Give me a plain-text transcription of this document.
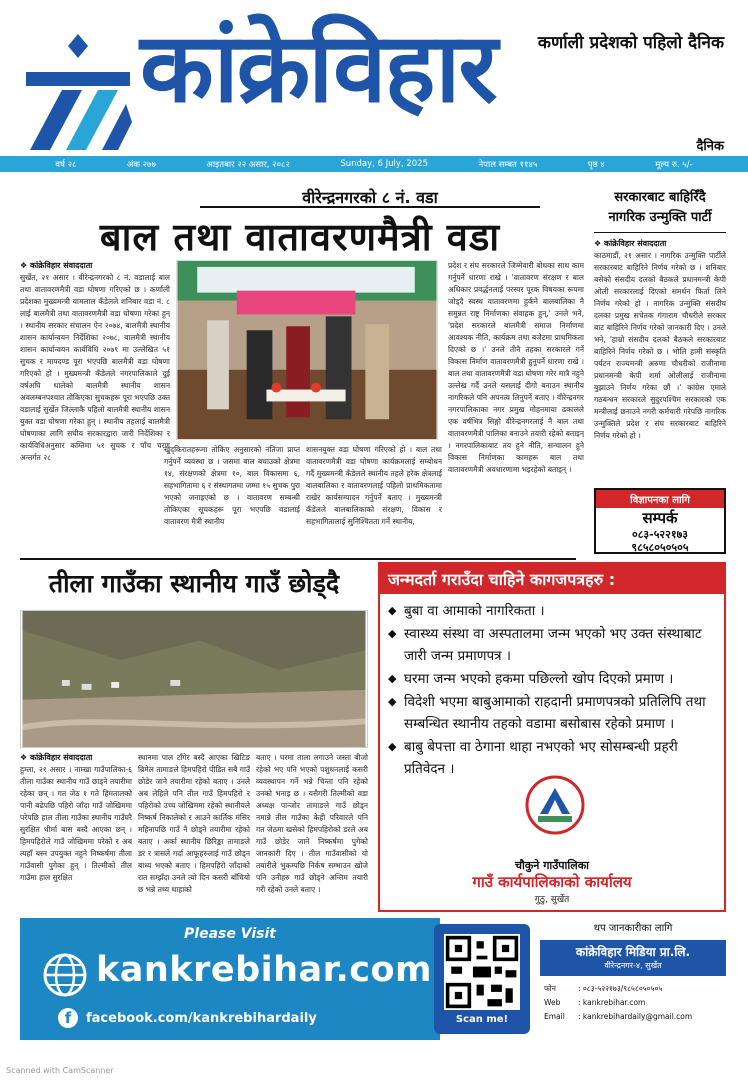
कांक्रेविहार कर्णाली प्रदेशको पहिलो दैनिक
दैनिक
वर्ष २८	अंक २७७	आइतबार २२ असार, २०८२	Sunday, 6 July, 2025	नेपाल सम्बत ११४५	पृष्ठ ४	मूल्य रु. ५/-
वीरेन्द्रनगरको ८ नं. वडा
बाल तथा वातावरणमैत्री वडा
❖ कांक्रेविहार संवाददाता
सुर्खेत, २१ असार । वीरेन्द्रनगरको ८ नं. वडालाई बाल तथा वातावरणमैत्री वडा घोषणा गरिएको छ । कर्णाली प्रदेशका मुख्यमन्त्री यामलाल कँडेलले शनिबार वडा नं. ८ लाई बालमैत्री तथा वातावरणमैत्री वडा घोषणा गरेका हुन् । स्थानीय सरकार संचालन ऐन २०७४, बालमैत्री स्थानीय शासन कार्यान्वयन निर्देशिका २०७८, बालमैत्री स्थानीय शासन कार्यान्वयन कार्यविधि २०७९ मा उल्लेखित ५१ सुचक र मापदण्ड पूरा भएपछि बालमैत्री वडा घोषणा गरिएको हो । मुख्यमन्त्री कँडेलले नगरपालिकाले दुई वर्षअघि थालेको बालमैत्री स्थानीय शासन अवलम्बनपश्चात तोकिएका सुचकहरू पूरा भएपछि उक्त वडालाई सुर्खेत जिल्लाकै पहिलो बालमैत्री स्थानीय शासन युक्त वडा घोषणा गरेका हुन् । स्थानीय तहलाई बालमैत्री घोषणाका लागि सघीय सरकारद्वारा जारी निर्देशिका र कार्यविधिअनुसार कम्तिमा ५१ सुचक र पाँच चरण अन्तर्गत २८
खुद्किरातहरूमा तोकिए अनुसारको नतिजा प्राप्त गर्नुपर्ने व्यवस्था छ । जसमा बाल बचाउको क्षेत्रमा १४, संरक्षणको क्षेत्रमा १०, बाल विकासमा ६, सहभागितामा ६ र संस्थागतमा जम्मा १५ सुचक पुरा भएको जनाइएको छ । वातावरण सम्बन्धी तोकिएका सूचकहरू पूरा भएपछि वडालाई वातावरण मैत्री स्थानीय
शासनयुक्त वडा घोषणा गरिएको हो । बाल तथा वातावरणमैत्री वडा घोषणा कार्यक्रमलाई सम्बोधन गर्दै मुख्यमन्त्री कँडेलले स्थानीय तहले हरेक क्षेत्रलाई बालबालिका र वातावरणलाई पहिलो प्राथमिकतामा राखेर कार्यसम्पादन गर्नुपर्ने बताए । मुख्यमन्त्री कँडेलले बालबालिकाको संरक्षण, विकास र सहभागितालाई सुनिश्चितता गर्ने स्थानीय,
प्रदेश र संघ सरकारले जिम्मेवारी बोधका साथ काम गर्नुपर्ने धारणा राखे । 'वातावरण संरक्षण र बाल अधिकार प्रवर्द्धनलाई परस्पर पूरक विषयका रूपमा जोड्दै स्वस्थ वातावरणमा हुर्कने बालबालिका नै समुन्नत राष्ट्र निर्माणका संवाहक हुन्,' उनले भने, 'प्रदेश सरकारले बालमैत्री समाज निर्माणमा आवश्यक नीति, कार्यक्रम तथा बजेटमा प्राथमिकता दिएको छ ।' उनले तीनै तहका सरकारले गर्ने विकास निर्माण वातावरणमैत्री हुनुपर्ने धारणा राखे । बाल तथा वातावरणमैत्री वडा घोषणा गरेर मात्रै नहुने उल्लेख गर्दै उनले यसलाई दीगो बनाउन स्थानीय नागरिकले पनि अपनत्व लिनुपर्ने बताए । वीरेन्द्रनगर नगरपालिकाका नगर प्रमुख मोहनमाया ढकालले एक वर्षभित्र सिङ्गो वीरेन्द्रनगरलाई नै बाल तथा वातावरणमैत्री पालिका बनाउने तयारी रहेको बताइन् । नगरपालिकाबाट तय हुने नीति, सन्चालन हुने विकास निर्माणका कामहरू बाल तथा वातावरणमैत्री अवधारणामा भइरहेको बताइन् ।
सरकारबाट बाहिरिँदै नागरिक उन्मुक्ति पार्टी
❖ कांक्रेविहार संवाददाता
काठमाडौं, २१ असार । नागरिक उन्मुक्ति पार्टीले सरकारबाट बाहिरिने निर्णय गरेको छ । शनिबार बसेको संसदीय दलको बैठकले प्रधानमन्त्री केपी ओली सरकारलाई दिएको समर्थन फिर्ता लिने निर्णय गरेको हो । नागरिक उन्मुक्ति संसदीय दलका प्रमुख सचेतक गंगाराम चौधरीले सरकार बाट बाहिरिने निर्णय गरेको जानकारी दिए । उनले भने, 'हाम्रो संसदीय दलको बैठकले सरकारबाट बाहिरिने निर्णय गरेको छ । भोलि हामी संस्कृति पर्यटन राज्यमन्त्री अरुणा चौधरीको राजीनामा प्रधानमन्त्री केपी शर्मा ओलीलाई राजीनामा बुझाउने निर्णय गरेका छौं ।' कांग्रेस एमाले गठबन्धन सरकारले सुदुरपश्चिम सरकारको एक मन्त्रीलाई छनाउने नगरी कर्मचारी गरेपछि नागरिक उन्मुक्तिले प्रदेश र संघ सरकारबाट बाहिरिने निर्णय गरेको हो ।
विज्ञापनका लागि
सम्पर्क
०८३-५२२१७३
९८५८०५०५०५
तीला गाउँका स्थानीय गाउँ छोड्दै
❖ कांक्रेविहार संवाददाता
हुम्ला, २१ असार । नाम्खा गाउँपालिका-६ तीला गाउँका स्थानीय गाउँ छाड्ने तयारीमा रहेका छन् । गत जेठ १ गते हिमतालको पानी बढेपछि पहिरो जाँदा गाउँ जोखिममा परेपछि हाल तीला गाउँका स्थानीय गाउँघरै सुरक्षित थीर्मा बास बस्दै आएका छन् । हिमपहिरोले गाउँ जोखिममा परेको र अब त्यहाँ बस्न उपयुक्त नहुने निष्कर्षमा तीला गाउँवासी पुगेका हुन् । तिल्मीको तील गाउँमा हाल सुरक्षित
स्थानमा पाल टाँगेर बस्दै आएका खिटिङ ब्रिमेल तामाङले हिमपहिरो पीडित सबै गाउँ छोडेर जाने तयारीमा रहेको बताए । उनले अब लेहिले पनि तील गाउँ हिमपहिरो र पहिरोको उच्च जोखिममा रहेको स्थानीयले निष्कर्ष निकालेको र आउने कार्तिक मंसिर महिनापछि गाउँ नै छोड्ने तयारीमा रहेको बताए । अर्का स्थानीय छिरिङ्का तामाङले डर र त्रासले गर्दा आफूहरुलाई गाउँ छोड्न बाध्य भएको बताए । हिमपहिरो जाँदाको रात सम्झँदा उनले त्यो दिन कसरी बाँचियो छ भन्ने तथ्य थाहाको
बताए । घरमा ताला लगाउने जस्ता बीजो रहेको भए पनि भएको पशुधनलाई कसरी व्यवस्थापन गर्ने भन्ने चिन्ता पनि रहेको उनको भनाइ छ । यसैगरी तिल्मीको वडा अध्यक्ष पान्जोर तामाङले गाउँ छोड्न नमान्ने तील गाउँका केही परिवारले पनि गत जेठमा खसेको हिमपहिरोको डरले अब गाउँ छोडेर जाने निष्कर्षमा पुगेको जानकारी दिए । तील गाउँवासीको यो तयारीले भुकम्पछि निर्कष सम्भाउन खोजे पनि उनीहरु गाउँ छोड्ने अन्तिम तयारी गरी रहेको उनले बताए ।
जन्मदर्ता गराउँदा चाहिने कागजपत्रहरु :
◆ बुबा वा आमाको नागरिकता ।
◆ स्वास्थ्य संस्था वा अस्पतालमा जन्म भएको भए उक्त संस्थाबाट जारी जन्म प्रमाणपत्र ।
◆ घरमा जन्म भएको हकमा पछिल्लो खोप दिएको प्रमाण ।
◆ विदेशी भएमा बाबुआमाको राहदानी प्रमाणपत्रको प्रतिलिपि तथा सम्बन्धित स्थानीय तहको वडामा बसोबास रहेको प्रमाण ।
◆ बाबु बेपत्ता वा ठेगाना थाहा नभएको भए सोसम्बन्धी प्रहरी प्रतिवेदन ।
चौकुने गाउँपालिका
गाउँ कार्यपालिकाको कार्यालय
गुठु, सुर्खेत
Please Visit
kankrebihar.com
f	facebook.com/kankrebihardaily	Scan me!
थप जानकारीका लागि
कांक्रेविहार मिडिया प्रा.लि.
वीरेन्द्रनगर-४, सुर्खेत
फोन	: ०८३-५२२१७३/९८५८०५०५०५
Web	: kankrebihar.com
Email	: kankrebihardaily@gmail.com
Scanned with CamScanner
